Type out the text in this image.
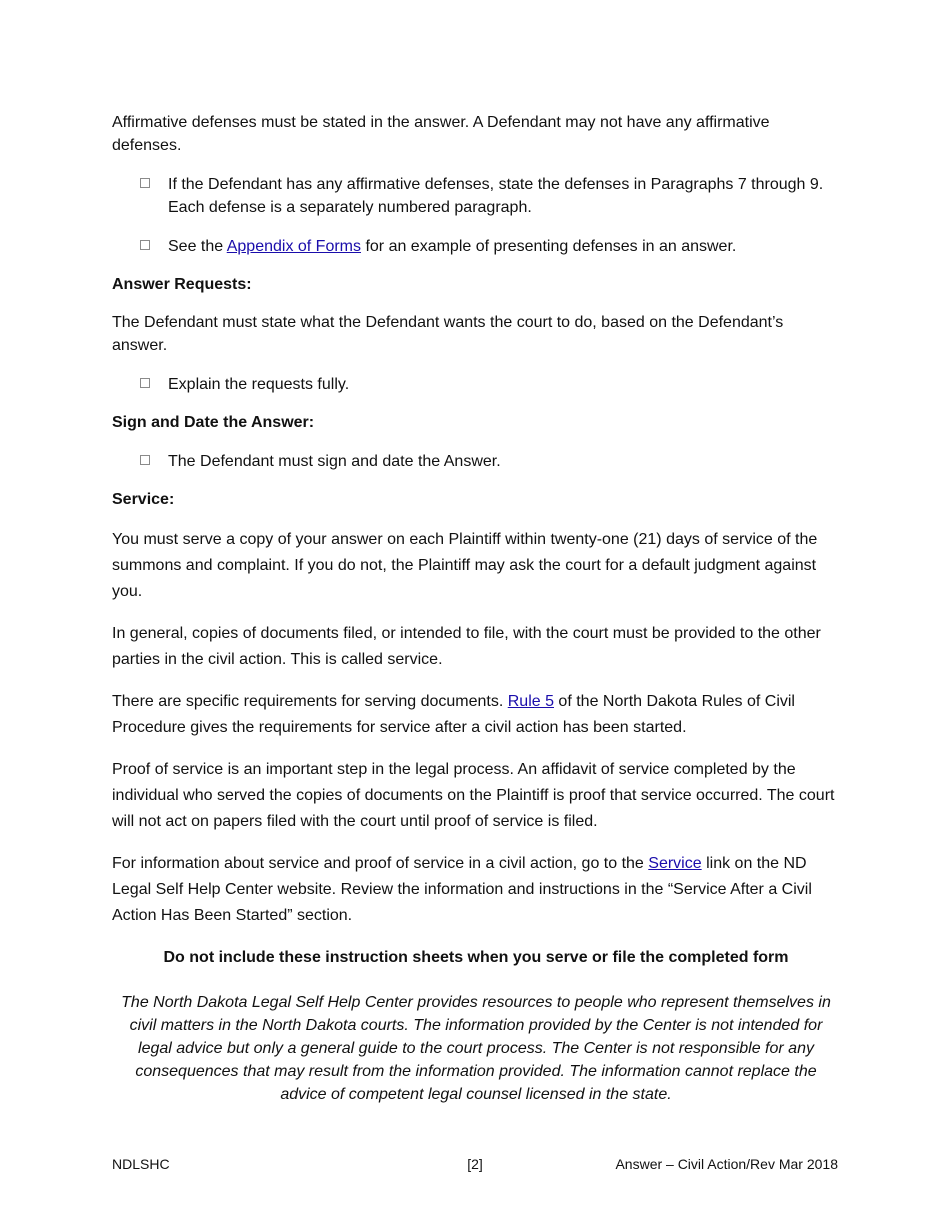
Affirmative defenses must be stated in the answer. A Defendant may not have any affirmative defenses.

If the Defendant has any affirmative defenses, state the defenses in Paragraphs 7 through 9. Each defense is a separately numbered paragraph.
See the Appendix of Forms for an example of presenting defenses in an answer.

Answer Requests:

The Defendant must state what the Defendant wants the court to do, based on the Defendant’s answer.

Explain the requests fully.

Sign and Date the Answer:

The Defendant must sign and date the Answer.

Service:

You must serve a copy of your answer on each Plaintiff within twenty-one (21) days of service of the summons and complaint. If you do not, the Plaintiff may ask the court for a default judgment against you.

In general, copies of documents filed, or intended to file, with the court must be provided to the other parties in the civil action. This is called service.

There are specific requirements for serving documents. Rule 5 of the North Dakota Rules of Civil Procedure gives the requirements for service after a civil action has been started.

Proof of service is an important step in the legal process. An affidavit of service completed by the individual who served the copies of documents on the Plaintiff is proof that service occurred. The court will not act on papers filed with the court until proof of service is filed.

For information about service and proof of service in a civil action, go to the Service link on the ND Legal Self Help Center website. Review the information and instructions in the “Service After a Civil Action Has Been Started” section.

Do not include these instruction sheets when you serve or file the completed form

The North Dakota Legal Self Help Center provides resources to people who represent themselves in civil matters in the North Dakota courts. The information provided by the Center is not intended for legal advice but only a general guide to the court process. The Center is not responsible for any consequences that may result from the information provided. The information cannot replace the advice of competent legal counsel licensed in the state.

NDLSHC	[2]	Answer – Civil Action/Rev Mar 2018
